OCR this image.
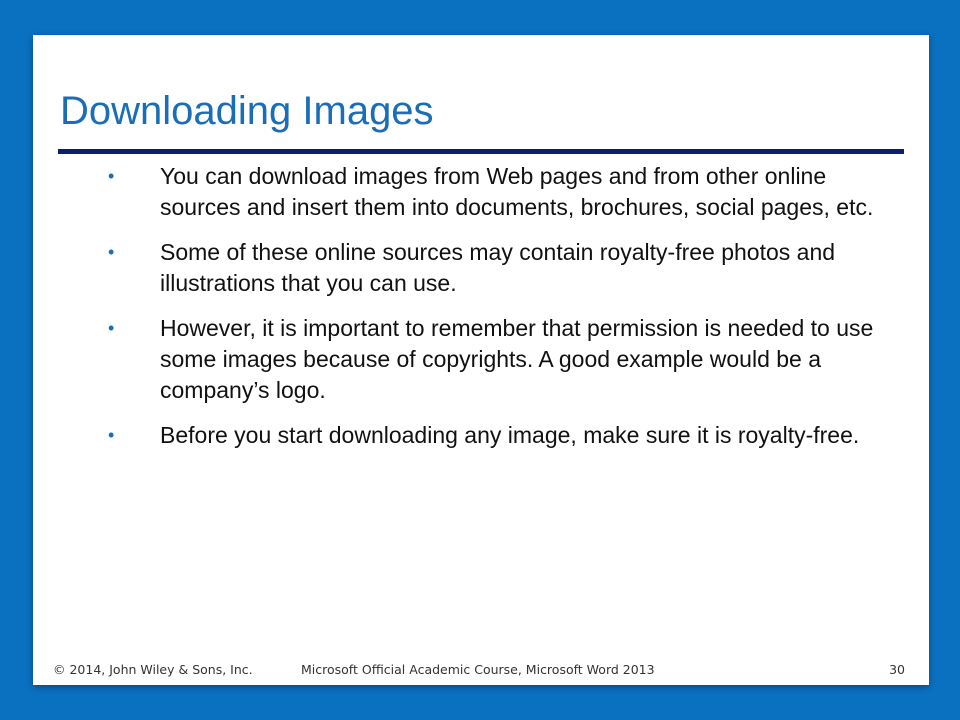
Downloading Images
• You can download images from Web pages and from other online sources and insert them into documents, brochures, social pages, etc.
• Some of these online sources may contain royalty-free photos and illustrations that you can use.
• However, it is important to remember that permission is needed to use some images because of copyrights. A good example would be a company’s logo.
• Before you start downloading any image, make sure it is royalty-free.
© 2014, John Wiley & Sons, Inc.	Microsoft Official Academic Course, Microsoft Word 2013	30
